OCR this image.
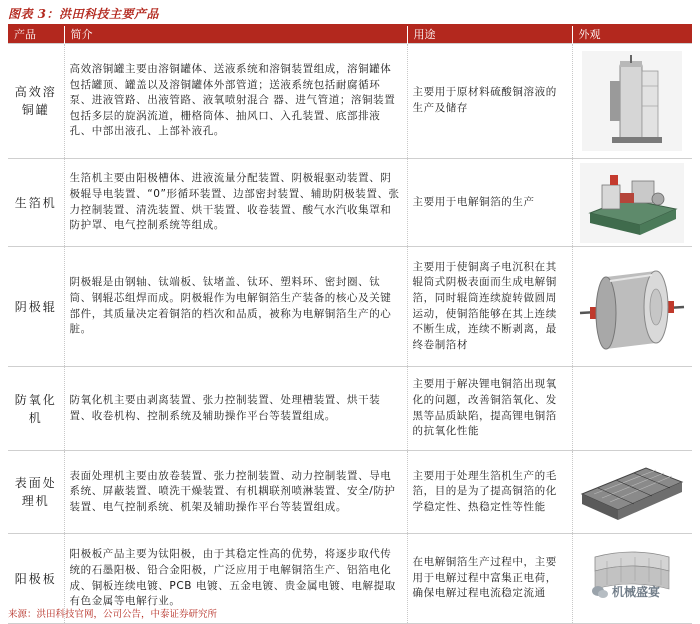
图表 3：洪田科技主要产品
产品	简介	用途	外观
高效溶铜罐	高效溶铜罐主要由溶铜罐体、送液系统和溶铜装置组成，溶铜罐体包括罐顶、罐盖以及溶铜罐体外部管道；送液系统包括耐腐循环泵、进液管路、出液管路、液氧喷射混合 器、进气管道；溶铜装置包括多层的旋涡流道，栅格筒体、抽风口、入孔装置、底部排液孔、中部出液孔、上部补液孔。	主要用于原材料硫酸铜溶液的生产及储存	

生箔机	生箔机主要由阳极槽体、进液流量分配装置、阴极辊驱动装置、阴极辊导电装置、“0”形循环装置、边部密封装置、辅助阴极装置、张力控制装置、清洗装置、烘干装置、收卷装置、酸气水汽收集罩和防护罩、电气控制系统等组成。	主要用于电解铜箔的生产	

阴极辊	阴极辊是由钢轴、钛端板、钛堵盖、钛环、塑料环、密封圈、钛筒、钢辊芯组焊而成。阴极辊作为电解铜箔生产装备的核心及关键部件，其质量决定着铜箔的档次和品质，被称为电解铜箔生产的心脏。	主要用于使铜离子电沉积在其辊筒式阴极表面而生成电解铜箔，同时辊筒连续旋转做圆周运动，使铜箔能够在其上连续不断生成，连续不断剥离，最终卷制箔材	

防氧化机	防氧化机主要由剥离装置、张力控制装置、处理槽装置、烘干装置、收卷机构、控制系统及辅助操作平台等装置组成。	主要用于解决锂电铜箔出现氧化的问题，改善铜箔氧化、发黑等品质缺陷，提高锂电铜箔的抗氧化性能	
表面处理机	表面处理机主要由放卷装置、张力控制装置、动力控制装置、导电系统、屏蔽装置、喷洗干燥装置、有机耦联剂喷淋装置、安全/防护装置、电气控制系统、机架及辅助操作平台等装置组成。	主要用于处理生箔机生产的毛箔，目的是为了提高铜箔的化学稳定性、热稳定性等性能	

阳极板	阳极板产品主要为钛阳极，由于其稳定性高的优势，将逐步取代传统的石墨阳极、铅合金阳极，广泛应用于电解铜箔生产、铝箔电化成、铜板连续电镀、PCB 电镀、五金电镀、贵金属电镀、电解提取有色金属等电解行业。	在电解铜箔生产过程中，主要用于电解过程中富集正电荷，确保电解过程电流稳定流通	
来源：洪田科技官网，公司公告，中泰证券研究所
机械盛宴
